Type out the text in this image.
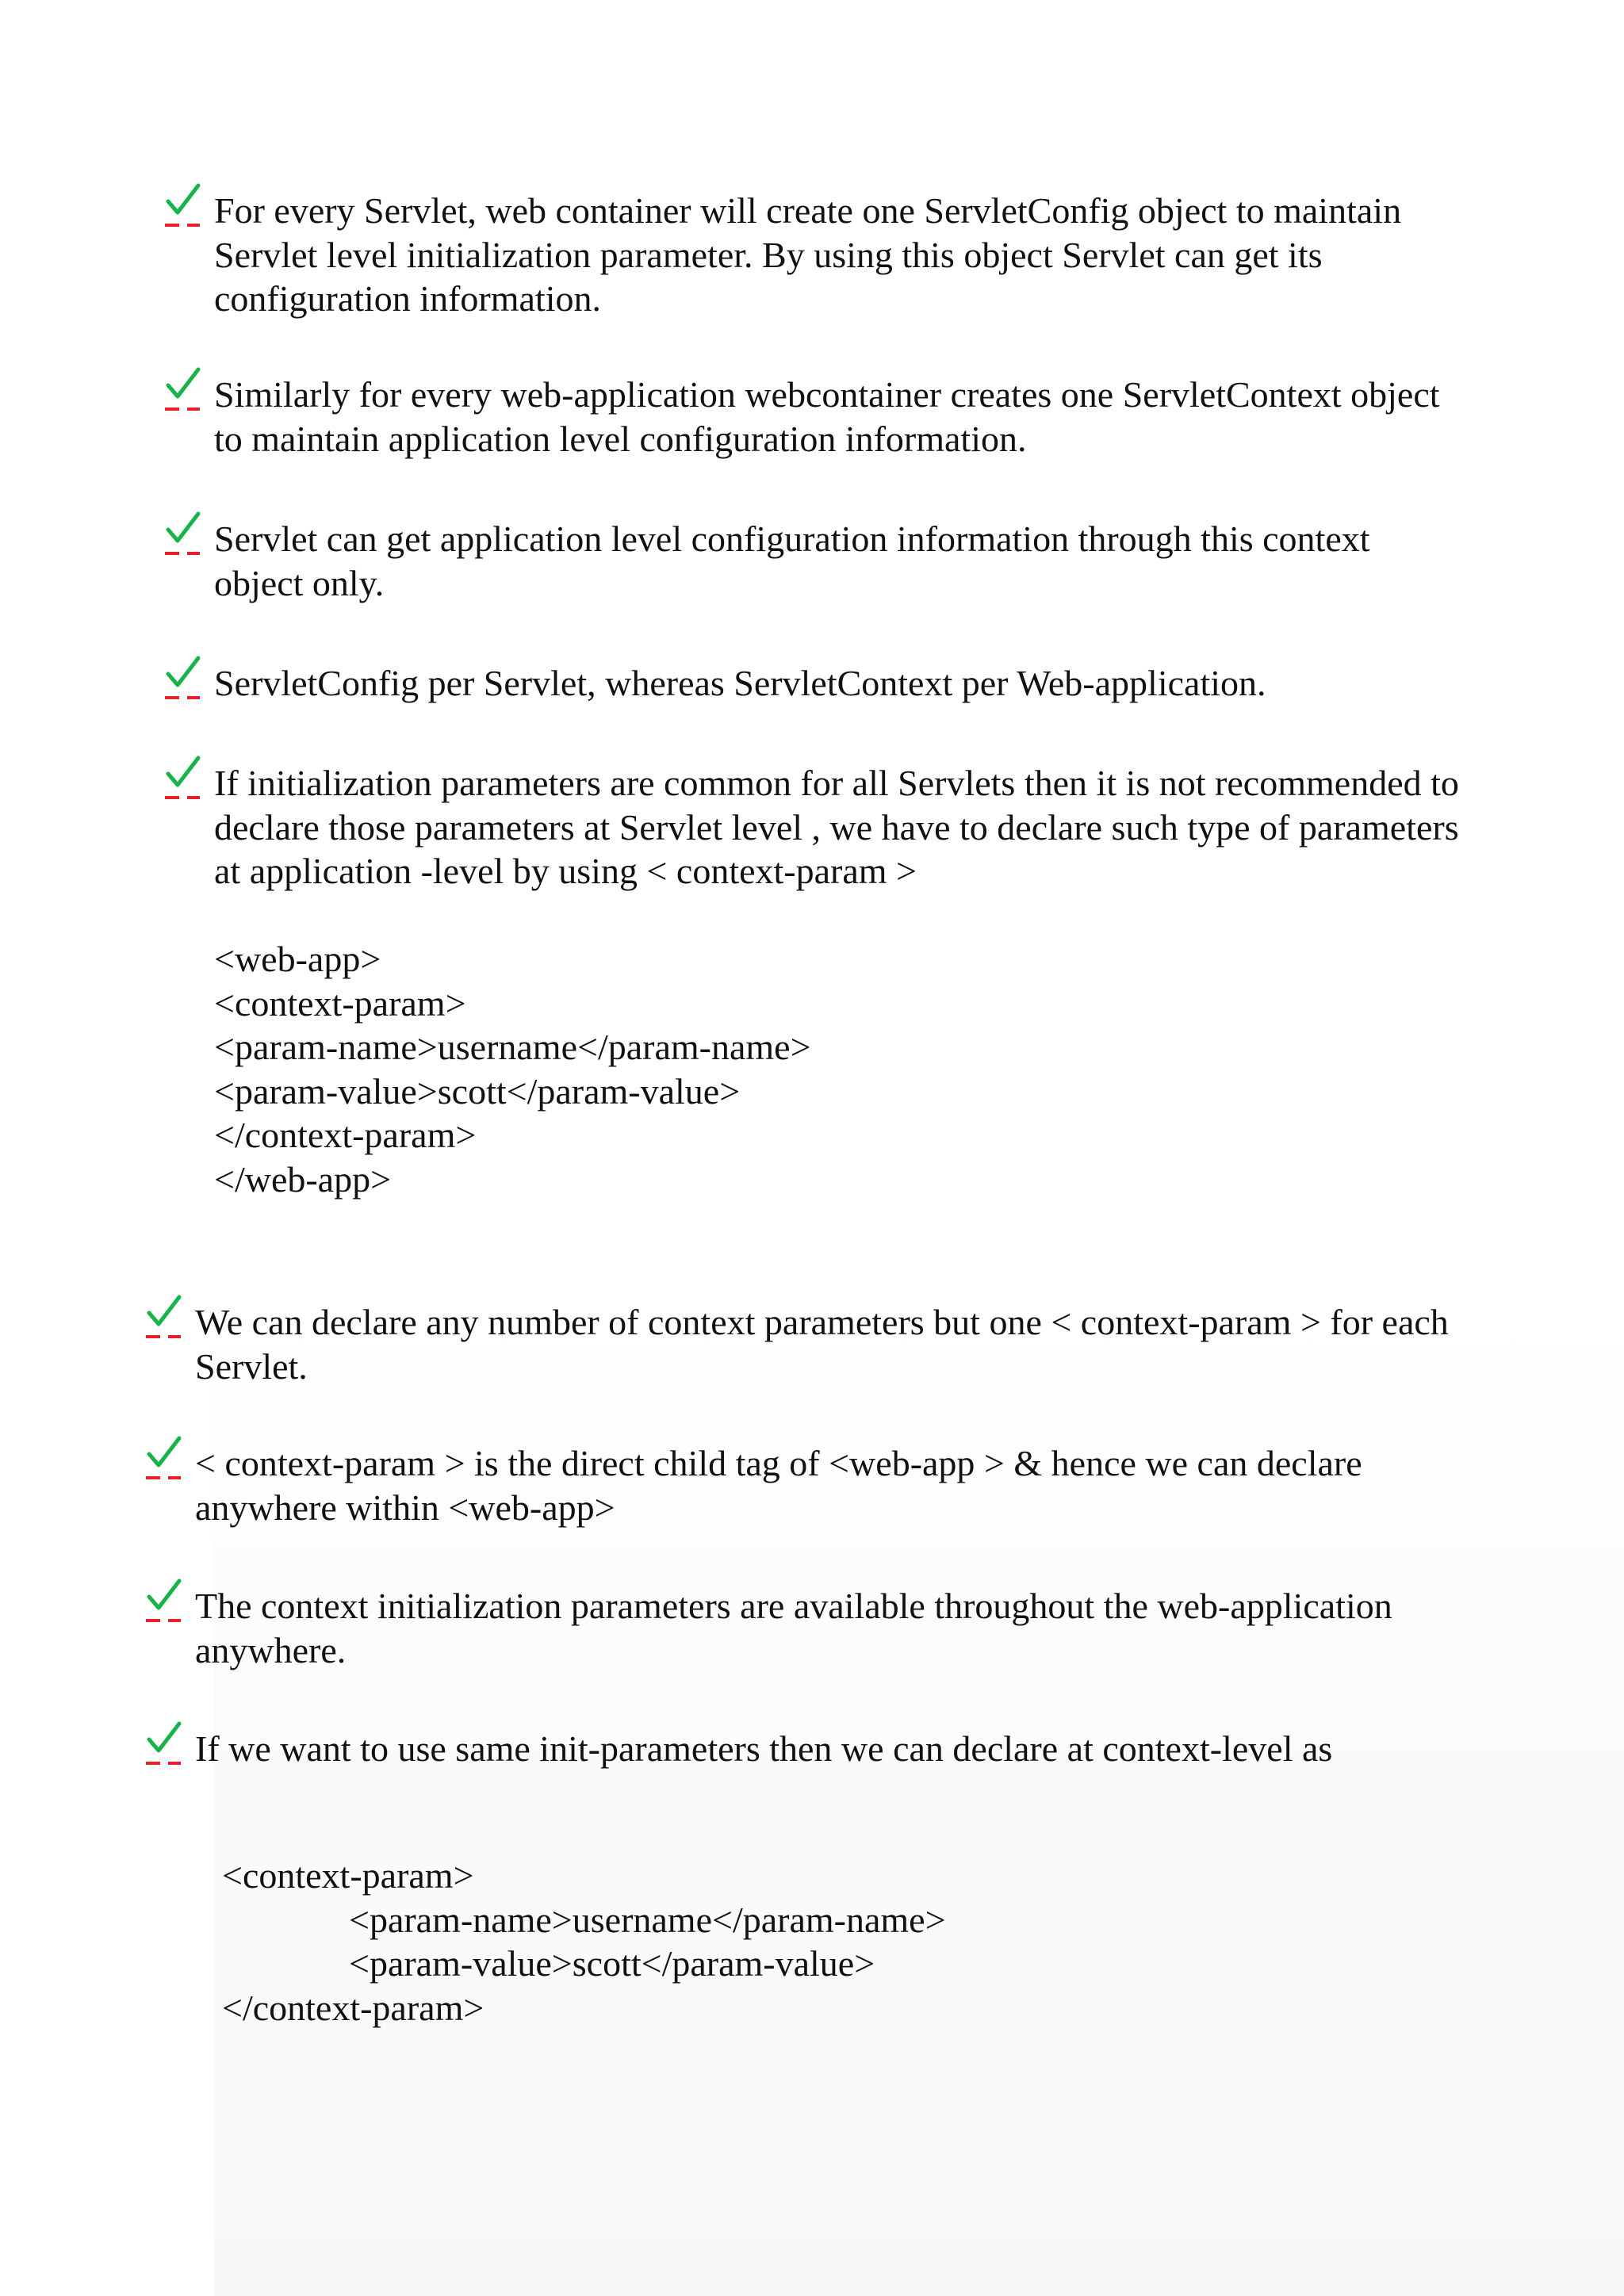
For every Servlet, web container will create one ServletConfig object to maintain

Servlet level initialization parameter. By using this object Servlet can get its

configuration information.

Similarly for every web-application webcontainer creates one ServletContext object

to maintain application level configuration information.

Servlet can get application level configuration information through this context

object only.

ServletConfig per Servlet, whereas ServletContext per Web-application.

If initialization parameters are common for all Servlets then it is not recommended to

declare those parameters at Servlet level , we have to declare such type of parameters

at application -level by using < context-param >

<web-app>

<context-param>

<param-name>username</param-name>

<param-value>scott</param-value>

</context-param>

</web-app>

We can declare any number of context parameters but one < context-param > for each

Servlet.

< context-param > is the direct child tag of <web-app > & hence we can declare

anywhere within <web-app>

The context initialization parameters are available throughout the web-application

anywhere.

If we want to use same init-parameters then we can declare at context-level as

<context-param>

<param-name>username</param-name>

<param-value>scott</param-value>

</context-param>
